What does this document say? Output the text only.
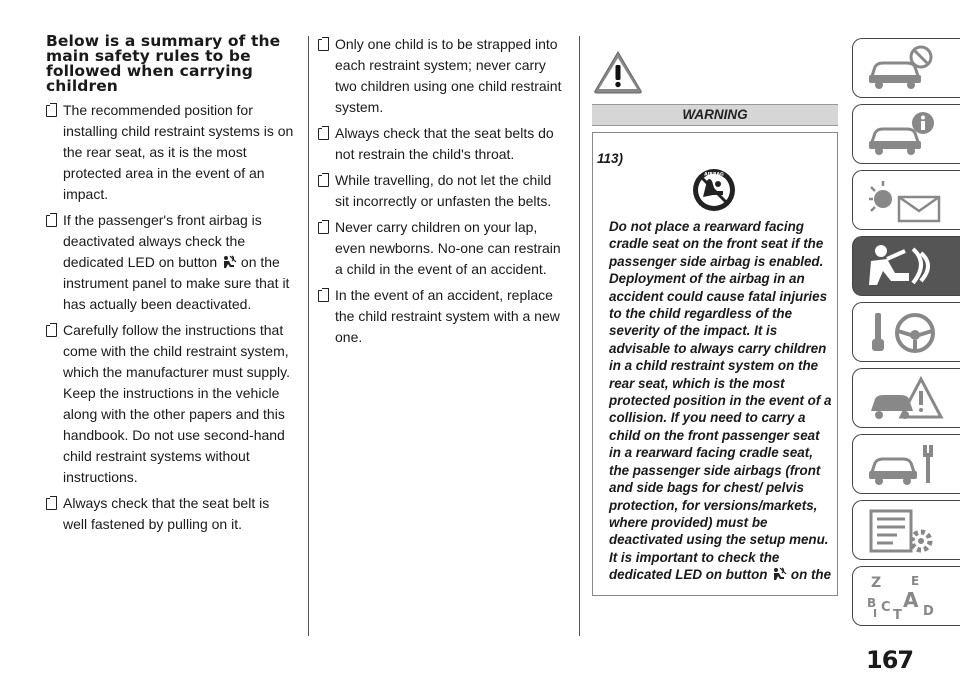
Below is a summary of the main safety rules to be followed when carrying children
The recommended position for installing child restraint systems is on the rear seat, as it is the most protected area in the event of an impact.
If the passenger's front airbag is deactivated always check the dedicated LED on button  on the instrument panel to make sure that it has actually been deactivated.
Carefully follow the instructions that come with the child restraint system, which the manufacturer must supply. Keep the instructions in the vehicle along with the other papers and this handbook. Do not use second-hand child restraint systems without instructions.
Always check that the seat belt is well fastened by pulling on it.
Only one child is to be strapped into each restraint system; never carry two children using one child restraint system.
Always check that the seat belts do not restrain the child's throat.
While travelling, do not let the child sit incorrectly or unfasten the belts.
Never carry children on your lap, even newborns. No-one can restrain a child in the event of an accident.
In the event of an accident, replace the child restraint system with a new one.
WARNING
113)
AIRBAG

Do not place a rearward facing cradle seat on the front seat if the passenger side airbag is enabled. Deployment of the airbag in an accident could cause fatal injuries to the child regardless of the severity of the impact. It is advisable to always carry children in a child restraint system on the rear seat, which is the most protected position in the event of a collision. If you need to carry a child on the front passenger seat in a rearward facing cradle seat, the passenger side airbags (front and side bags for chest/ pelvis protection, for versions/markets, where provided) must be deactivated using the setup menu. It is important to check the dedicated LED on button  on the

Z E
B A
C D
I T
167
